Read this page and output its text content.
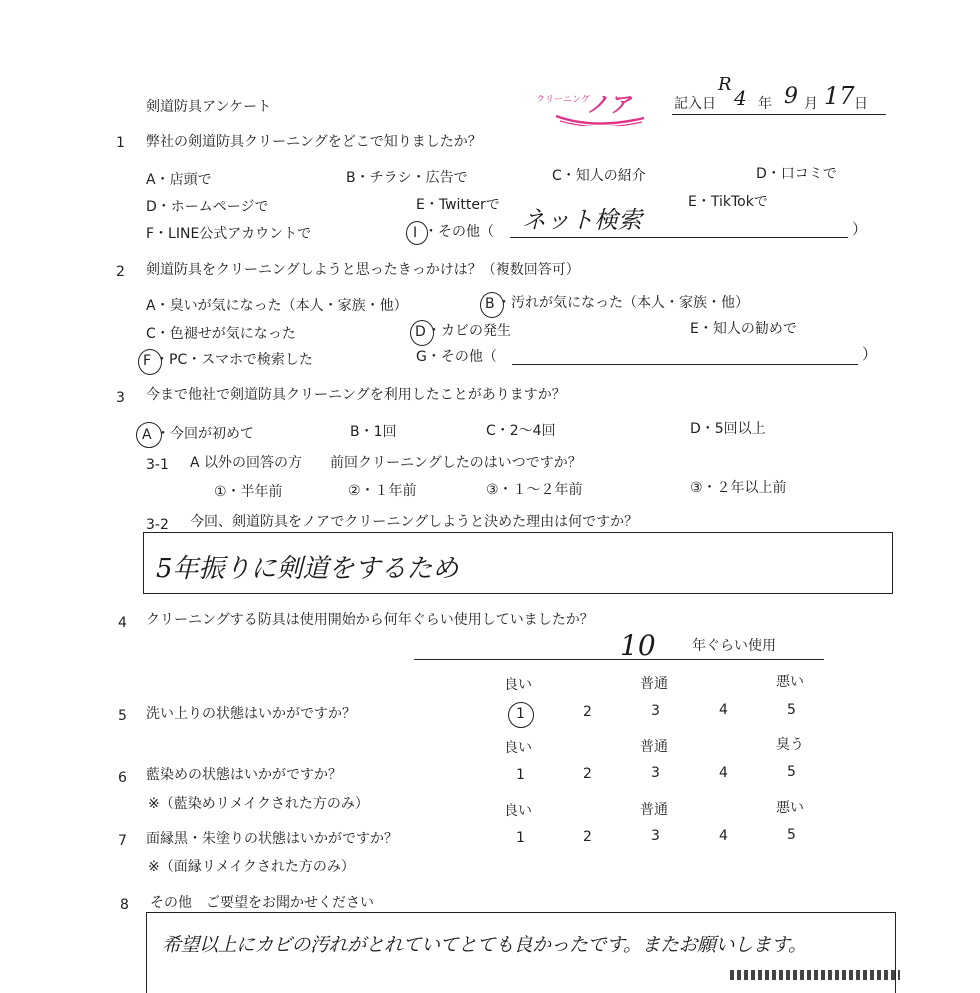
剣道防具アンケート	クリーニング
ノア	記入日
R
4 年 9 月 17 日
1 弊社の剣道防具クリーニングをどこで知りましたか？
A・店頭で	B・チラシ・広告で	C・知人の紹介	D・口コミで
D・ホームページで	E・Twitterで	E・TikTokで
F・LINE公式アカウントで	I ・その他（ ネット検索	）
2 剣道防具をクリーニングしようと思ったきっかけは？（複数回答可）
A・臭いが気になった（本人・家族・他）	B ・汚れが気になった（本人・家族・他）
C・色褪せが気になった	D ・カビの発生	E・知人の勧めで
F ・PC・スマホで検索した	G・その他（	）
3 今まで他社で剣道防具クリーニングを利用したことがありますか？
A ・今回が初めて	B・1回	C・2～4回	D・5回以上
3-1 A 以外の回答の方　　前回クリーニングしたのはいつですか？
①・半年前	②・１年前	③・１～２年前	③・２年以上前
3-2 今回、剣道防具をノアでクリーニングしようと決めた理由は何ですか？
5年振りに剣道をするため
4 クリーニングする防具は使用開始から何年ぐらい使用していましたか？
10	年ぐらい使用
良い	普通	悪い
5 洗い上りの状態はいかがですか？	1	2	3	4	5
良い	普通	臭う
6 藍染めの状態はいかがですか？	1	2	3	4	5
※（藍染めリメイクされた方のみ）	良い	普通	悪い
7 面縁黒・朱塗りの状態はいかがですか？	1	2	3	4	5
※（面縁リメイクされた方のみ）
8 その他　ご要望をお聞かせください
希望以上にカビの汚れがとれていてとても良かったです。またお願いします。
